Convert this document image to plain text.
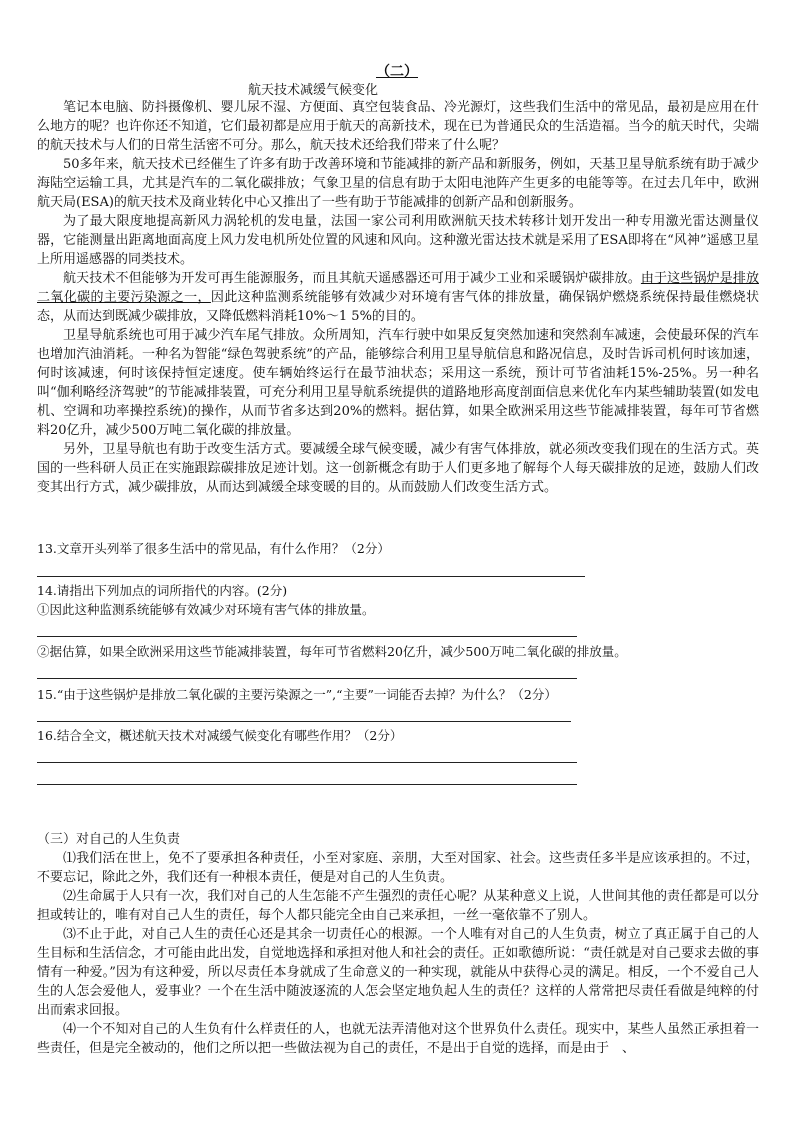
（二）
航天技术减缓气候变化

笔记本电脑、防抖摄像机、婴儿尿不湿、方便面、真空包装食品、冷光源灯，这些我们生活中的常见品，最初是应用在什么地方的呢？也许你还不知道，它们最初都是应用于航天的高新技术，现在已为普通民众的生活造福。当今的航天时代，尖端的航天技术与人们的日常生活密不可分。那么，航天技术还给我们带来了什么呢？

50多年来，航天技术已经催生了许多有助于改善环境和节能减排的新产品和新服务，例如，天基卫星导航系统有助于减少海陆空运输工具，尤其是汽车的二氧化碳排放；气象卫星的信息有助于太阳电池阵产生更多的电能等等。在过去几年中，欧洲航天局(ESA)的航天技术及商业转化中心又推出了一些有助于节能减排的创新产品和创新服务。

为了最大限度地提高新风力涡轮机的发电量，法国一家公司利用欧洲航天技术转移计划开发出一种专用激光雷达测量仪器，它能测量出距离地面高度上风力发电机所处位置的风速和风向。这种激光雷达技术就是采用了ESA即将在“风神”遥感卫星上所用遥感器的同类技术。

航天技术不但能够为开发可再生能源服务，而且其航天遥感器还可用于减少工业和采暖锅炉碳排放。由于这些锅炉是排放二氧化碳的主要污染源之一，因此这种监测系统能够有效减少对环境有害气体的排放量，确保锅炉燃烧系统保持最佳燃烧状态，从而达到既减少碳排放，又降低燃料消耗10%～1 5%的目的。

卫星导航系统也可用于减少汽车尾气排放。众所周知，汽车行驶中如果反复突然加速和突然刹车减速，会使最环保的汽车也增加汽油消耗。一种名为智能“绿色驾驶系统”的产品，能够综合利用卫星导航信息和路况信息，及时告诉司机何时该加速，何时该减速，何时该保持恒定速度。使车辆始终运行在最节油状态；采用这一系统，预计可节省油耗15%-25%。另一种名叫“伽利略经济驾驶”的节能减排装置，可充分利用卫星导航系统提供的道路地形高度剖面信息来优化车内某些辅助装置(如发电机、空调和功率操控系统)的操作，从而节省多达到20%的燃料。据估算，如果全欧洲采用这些节能减排装置，每年可节省燃料20亿升，减少500万吨二氧化碳的排放量。

另外，卫星导航也有助于改变生活方式。要减缓全球气候变暖，减少有害气体排放，就必须改变我们现在的生活方式。英国的一些科研人员正在实施跟踪碳排放足迹计划。这一创新概念有助于人们更多地了解每个人每天碳排放的足迹，鼓励人们改变其出行方式，减少碳排放，从而达到减缓全球变暖的目的。从而鼓励人们改变生活方式。

13.文章开头列举了很多生活中的常见品，有什么作用？（2分）
14.请指出下列加点的词所指代的内容。(2分)
①因此这种监测系统能够有效减少对环境有害气体的排放量。
②据估算，如果全欧洲采用这些节能减排装置，每年可节省燃料20亿升，减少500万吨二氧化碳的排放量。
15.“由于这些锅炉是排放二氧化碳的主要污染源之一”,“主要”一词能否去掉？为什么？（2分）
16.结合全文，概述航天技术对减缓气候变化有哪些作用？（2分）
（三）对自己的人生负责

⑴我们活在世上，免不了要承担各种责任，小至对家庭、亲朋，大至对国家、社会。这些责任多半是应该承担的。不过，不要忘记，除此之外，我们还有一种根本责任，便是对自己的人生负责。

⑵生命属于人只有一次，我们对自己的人生怎能不产生强烈的责任心呢？从某种意义上说，人世间其他的责任都是可以分担或转让的，唯有对自己人生的责任，每个人都只能完全由自己来承担，一丝一毫依靠不了别人。

⑶不止于此，对自己人生的责任心还是其余一切责任心的根源。一个人唯有对自己的人生负责，树立了真正属于自己的人生目标和生活信念，才可能由此出发，自觉地选择和承担对他人和社会的责任。正如歌德所说：“责任就是对自己要求去做的事情有一种爱。”因为有这种爱，所以尽责任本身就成了生命意义的一种实现，就能从中获得心灵的满足。相反，一个不爱自己人生的人怎会爱他人，爱事业？一个在生活中随波逐流的人怎会坚定地负起人生的责任？这样的人常常把尽责任看做是纯粹的付出而索求回报。

⑷一个不知对自己的人生负有什么样责任的人，也就无法弄清他对这个世界负什么责任。现实中，某些人虽然正承担着一些责任，但是完全被动的，他们之所以把一些做法视为自己的责任，不是出于自觉的选择，而是由于　、
